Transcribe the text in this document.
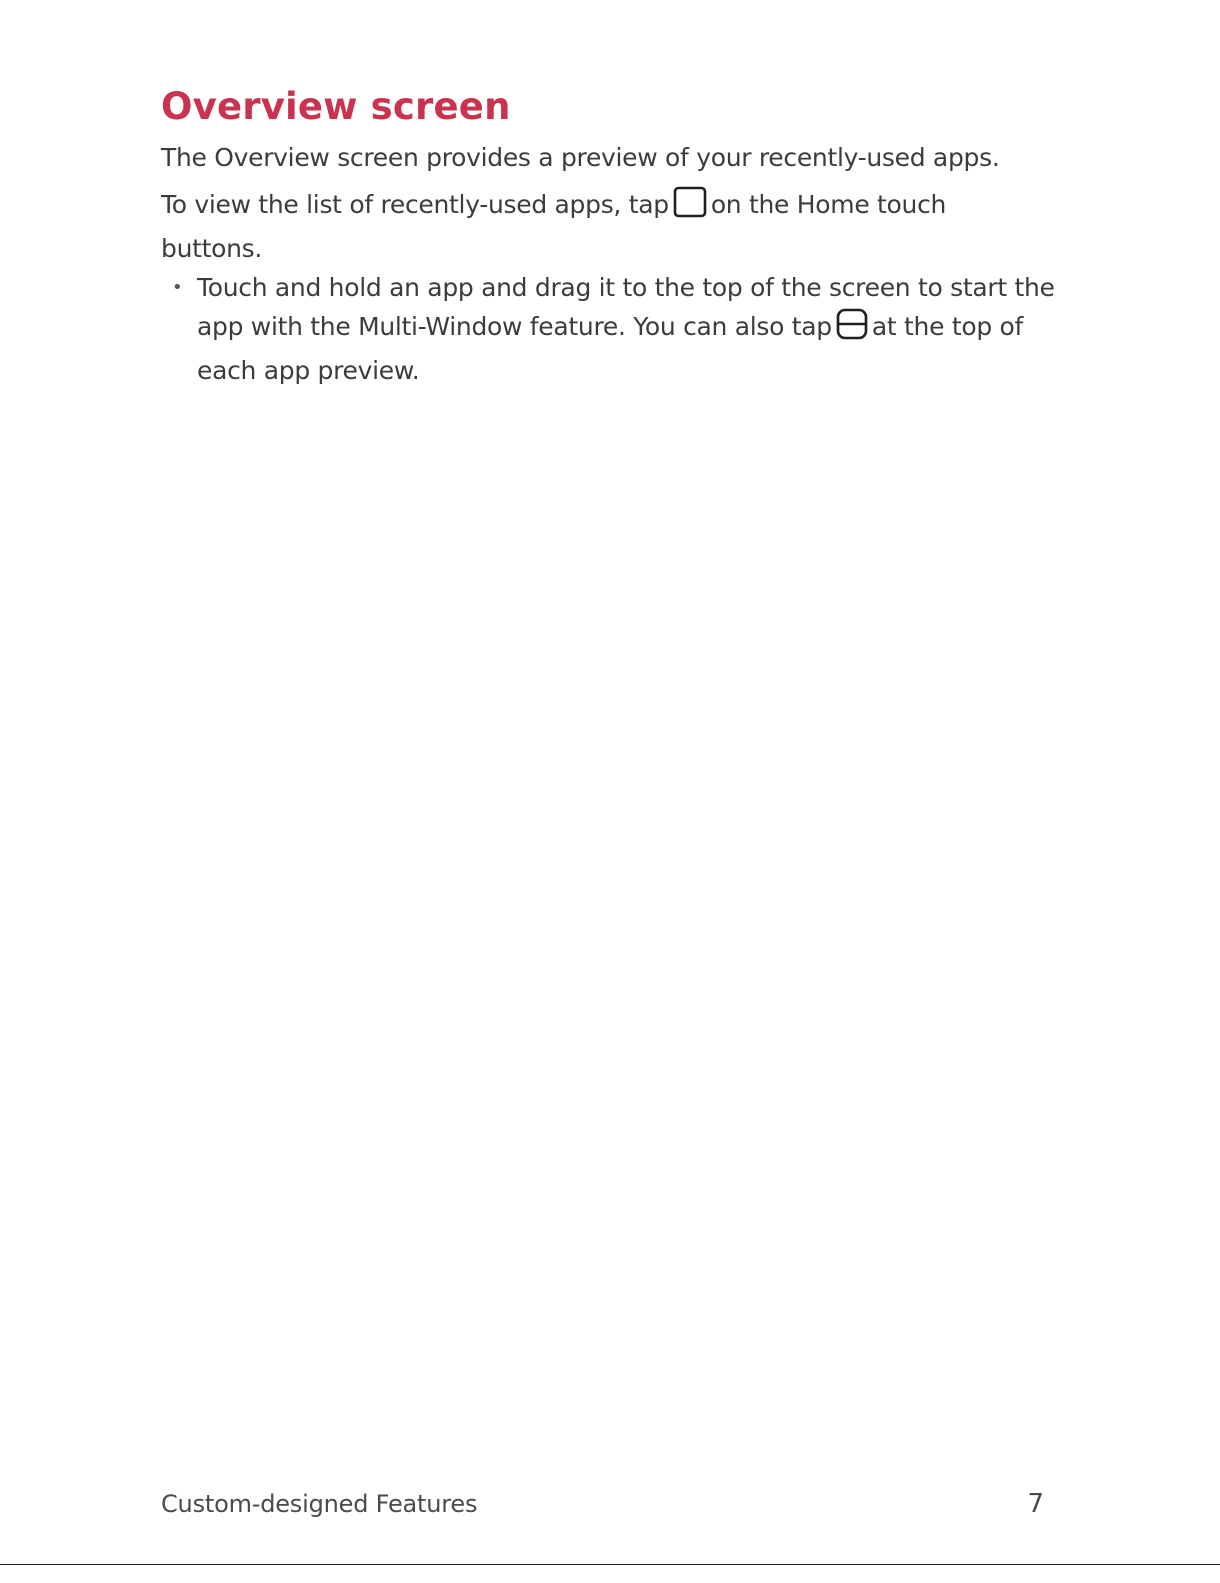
Overview screen

The Overview screen provides a preview of your recently-used apps.

To view the list of recently-used apps, tap on the Home touch buttons.

• Touch and hold an app and drag it to the top of the screen to start the app with the Multi-Window feature. You can also tap at the top of each app preview.
Custom-designed Features	7
